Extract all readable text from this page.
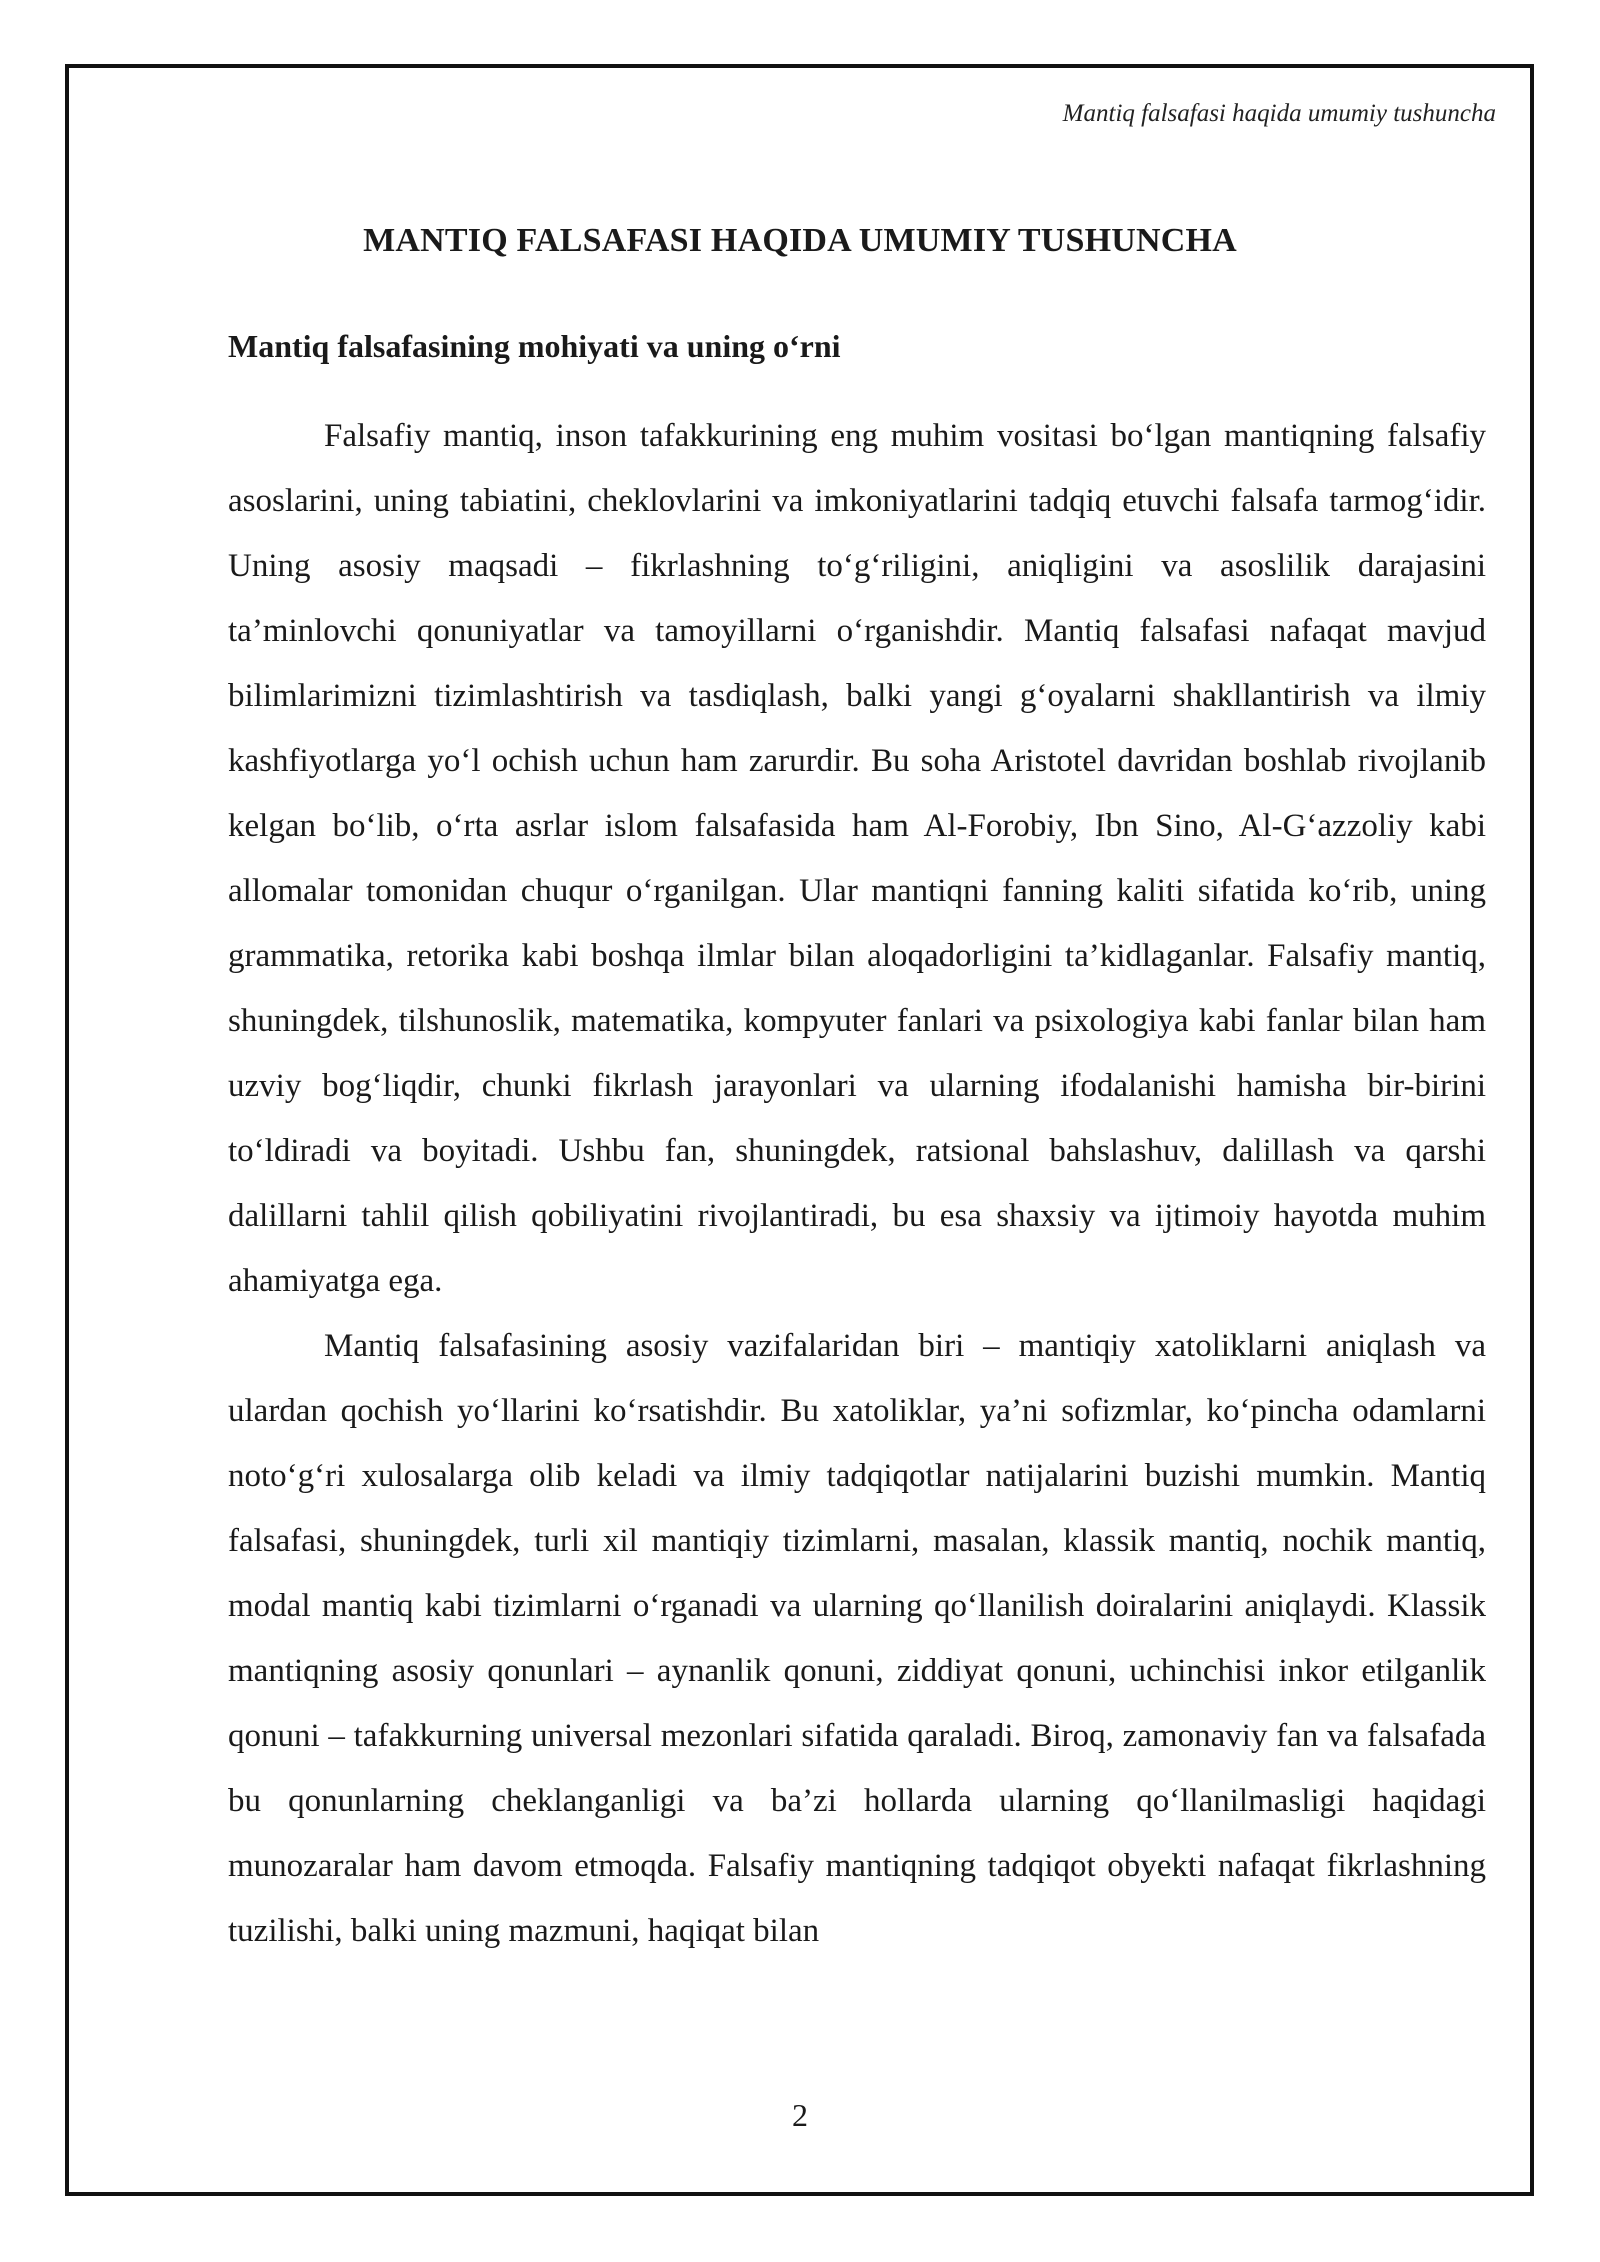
Mantiq falsafasi haqida umumiy tushuncha
MANTIQ FALSAFASI HAQIDA UMUMIY TUSHUNCHA
Mantiq falsafasining mohiyati va uning o‘rni

Falsafiy mantiq, inson tafakkurining eng muhim vositasi bo‘lgan mantiqning falsafiy asoslarini, uning tabiatini, cheklovlarini va imkoniyatlarini tadqiq etuvchi falsafa tarmog‘idir. Uning asosiy maqsadi – fikrlashning to‘g‘riligini, aniqligini va asoslilik darajasini ta’minlovchi qonuniyatlar va tamoyillarni o‘rganishdir. Mantiq falsafasi nafaqat mavjud bilimlarimizni tizimlashtirish va tasdiqlash, balki yangi g‘oyalarni shakllantirish va ilmiy kashfiyotlarga yo‘l ochish uchun ham zarurdir. Bu soha Aristotel davridan boshlab rivojlanib kelgan bo‘lib, o‘rta asrlar islom falsafasida ham Al-Forobiy, Ibn Sino, Al-G‘azzoliy kabi allomalar tomonidan chuqur o‘rganilgan. Ular mantiqni fanning kaliti sifatida ko‘rib, uning grammatika, retorika kabi boshqa ilmlar bilan aloqadorligini ta’kidlaganlar. Falsafiy mantiq, shuningdek, tilshunoslik, matematika, kompyuter fanlari va psixologiya kabi fanlar bilan ham uzviy bog‘liqdir, chunki fikrlash jarayonlari va ularning ifodalanishi hamisha bir-birini to‘ldiradi va boyitadi. Ushbu fan, shuningdek, ratsional bahslashuv, dalillash va qarshi dalillarni tahlil qilish qobiliyatini rivojlantiradi, bu esa shaxsiy va ijtimoiy hayotda muhim ahamiyatga ega.

Mantiq falsafasining asosiy vazifalaridan biri – mantiqiy xatoliklarni aniqlash va ulardan qochish yo‘llarini ko‘rsatishdir. Bu xatoliklar, ya’ni sofizmlar, ko‘pincha odamlarni noto‘g‘ri xulosalarga olib keladi va ilmiy tadqiqotlar natijalarini buzishi mumkin. Mantiq falsafasi, shuningdek, turli xil mantiqiy tizimlarni, masalan, klassik mantiq, nochik mantiq, modal mantiq kabi tizimlarni o‘rganadi va ularning qo‘llanilish doiralarini aniqlaydi. Klassik mantiqning asosiy qonunlari – aynanlik qonuni, ziddiyat qonuni, uchinchisi inkor etilganlik qonuni – tafakkurning universal mezonlari sifatida qaraladi. Biroq, zamonaviy fan va falsafada bu qonunlarning cheklanganligi va ba’zi hollarda ularning qo‘llanilmasligi haqidagi munozaralar ham davom etmoqda. Falsafiy mantiqning tadqiqot obyekti nafaqat fikrlashning tuzilishi, balki uning mazmuni, haqiqat bilan

2
